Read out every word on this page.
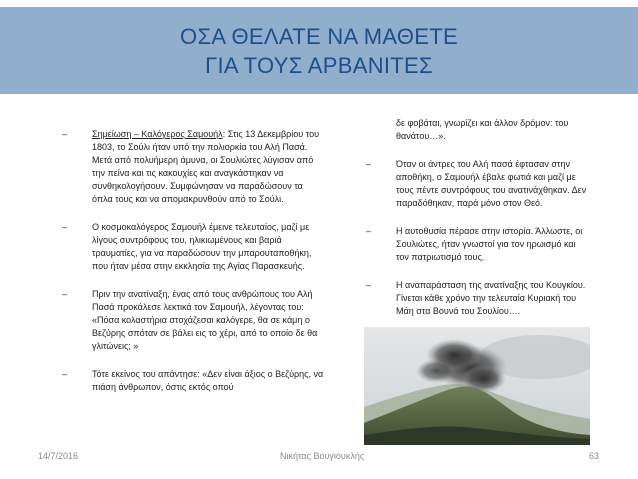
ΟΣΑ ΘΕΛΑΤΕ ΝΑ ΜΑΘΕΤΕ
ΓΙΑ ΤΟΥΣ ΑΡΒΑΝΙΤΕΣ
–	Σημείωση – Καλόγερος Σαμουήλ: Στις 13 Δεκεμβρίου του 1803, το Σούλι ήταν υπό την πολιορκία του Αλή Πασά. Μετά από πολυήμερη άμυνα, οι Σουλιώτες λύγισαν από την πείνα και τις κακουχίες και αναγκάστηκαν να συνθηκολογήσουν. Συμφώνησαν να παραδώσουν τα όπλα τους και να απομακρυνθούν από το Σούλι.
–	Ο κοσμοκαλόγερος Σαμουήλ έμεινε τελευταίος, μαζί με λίγους συντρόφους του, ηλικιωμένους και βαριά τραυματίες, για να παραδώσουν την μπαρουταποθήκη, που ήταν μέσα στην εκκλησία της Αγίας Παρασκευής.
–	Πριν την ανατίναξη, ένας από τους ανθρώπους του Αλή Πασά προκάλεσε λεκτικά τον Σαμουήλ, λέγοντας του: «Πόσα κολαστήρια στοχάζεσαι καλόγερε, θα σε κάμη ο Βεζύρης σπόταν σε βάλει εις το χέρι, από το οποίο δε θα γλιτώνεις; »
–	Τότε εκείνος του απάντησε: «Δεν είναι άξιος ο Βεζύρης, να πιάση άνθρωπον, όστις εκτός οπού
δε φοβάται, γνωρίζει και άλλον δρόμον: του θανάτου…».
–	Όταν οι άντρες του Αλή πασά έφτασαν στην αποθήκη, ο Σαμουήλ έβαλε φωτιά και μαζί με τους πέντε συντρόφους του ανατινάχθηκαν. Δεν παραδόθηκαν, παρά μόνο στον Θεό.
–	Η αυτοθυσία πέρασε στην ιστορία. Άλλωστε, οι Σουλιώτες, ήταν γνωστοί για τον ηρωισμό και τον πατριωτισμό τους.
–	Η αναπαράσταση της ανατίναξης του Κουγκίου. Γίνεται κάθε χρόνο την τελευταία Κυριακή του Μάη στα Βουνά του Σουλίου….
14/7/2016	Νικήτας Βουγιουκλής	63
